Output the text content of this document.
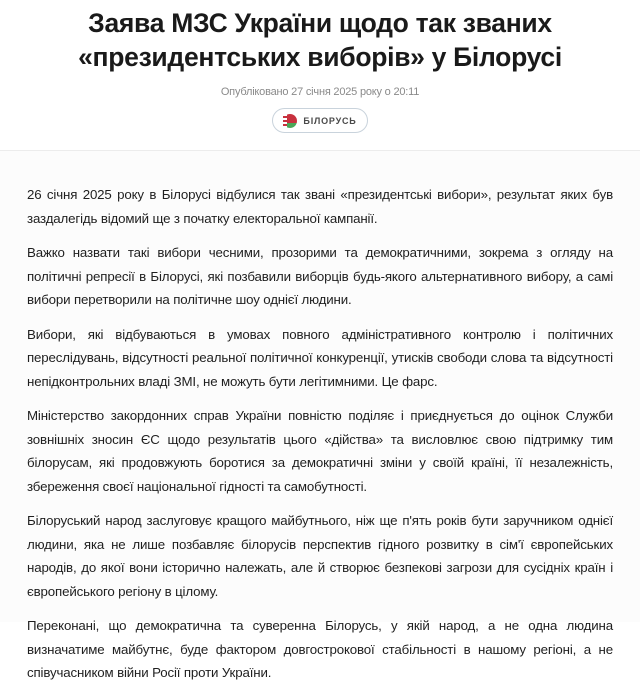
Заява МЗС України щодо так званих «президентських виборів» у Білорусі
Опубліковано 27 січня 2025 року о 20:11
БІЛОРУСЬ

26 січня 2025 року в Білорусі відбулися так звані «президентські вибори», результат яких був заздалегідь відомий ще з початку електоральної кампанії.

Важко назвати такі вибори чесними, прозорими та демократичними, зокрема з огляду на політичні репресії в Білорусі, які позбавили виборців будь-якого альтернативного вибору, а самі вибори перетворили на політичне шоу однієї людини.

Вибори, які відбуваються в умовах повного адміністративного контролю і політичних переслідувань, відсутності реальної політичної конкуренції, утисків свободи слова та відсутності непідконтрольних владі ЗМІ, не можуть бути легітимними. Це фарс.

Міністерство закордонних справ України повністю поділяє і приєднується до оцінок Служби зовнішніх зносин ЄС щодо результатів цього «дійства» та висловлює свою підтримку тим білорусам, які продовжують боротися за демократичні зміни у своїй країні, її незалежність, збереження своєї національної гідності та самобутності.

Білоруський народ заслуговує кращого майбутнього, ніж ще п'ять років бути заручником однієї людини, яка не лише позбавляє білорусів перспектив гідного розвитку в сім'ї європейських народів, до якої вони історично належать, але й створює безпекові загрози для сусідніх країн і європейського регіону в цілому.

Переконані, що демократична та суверенна Білорусь, у якій народ, а не одна людина визначатиме майбутнє, буде фактором довгострокової стабільності в нашому регіоні, а не співучасником війни Росії проти України.
